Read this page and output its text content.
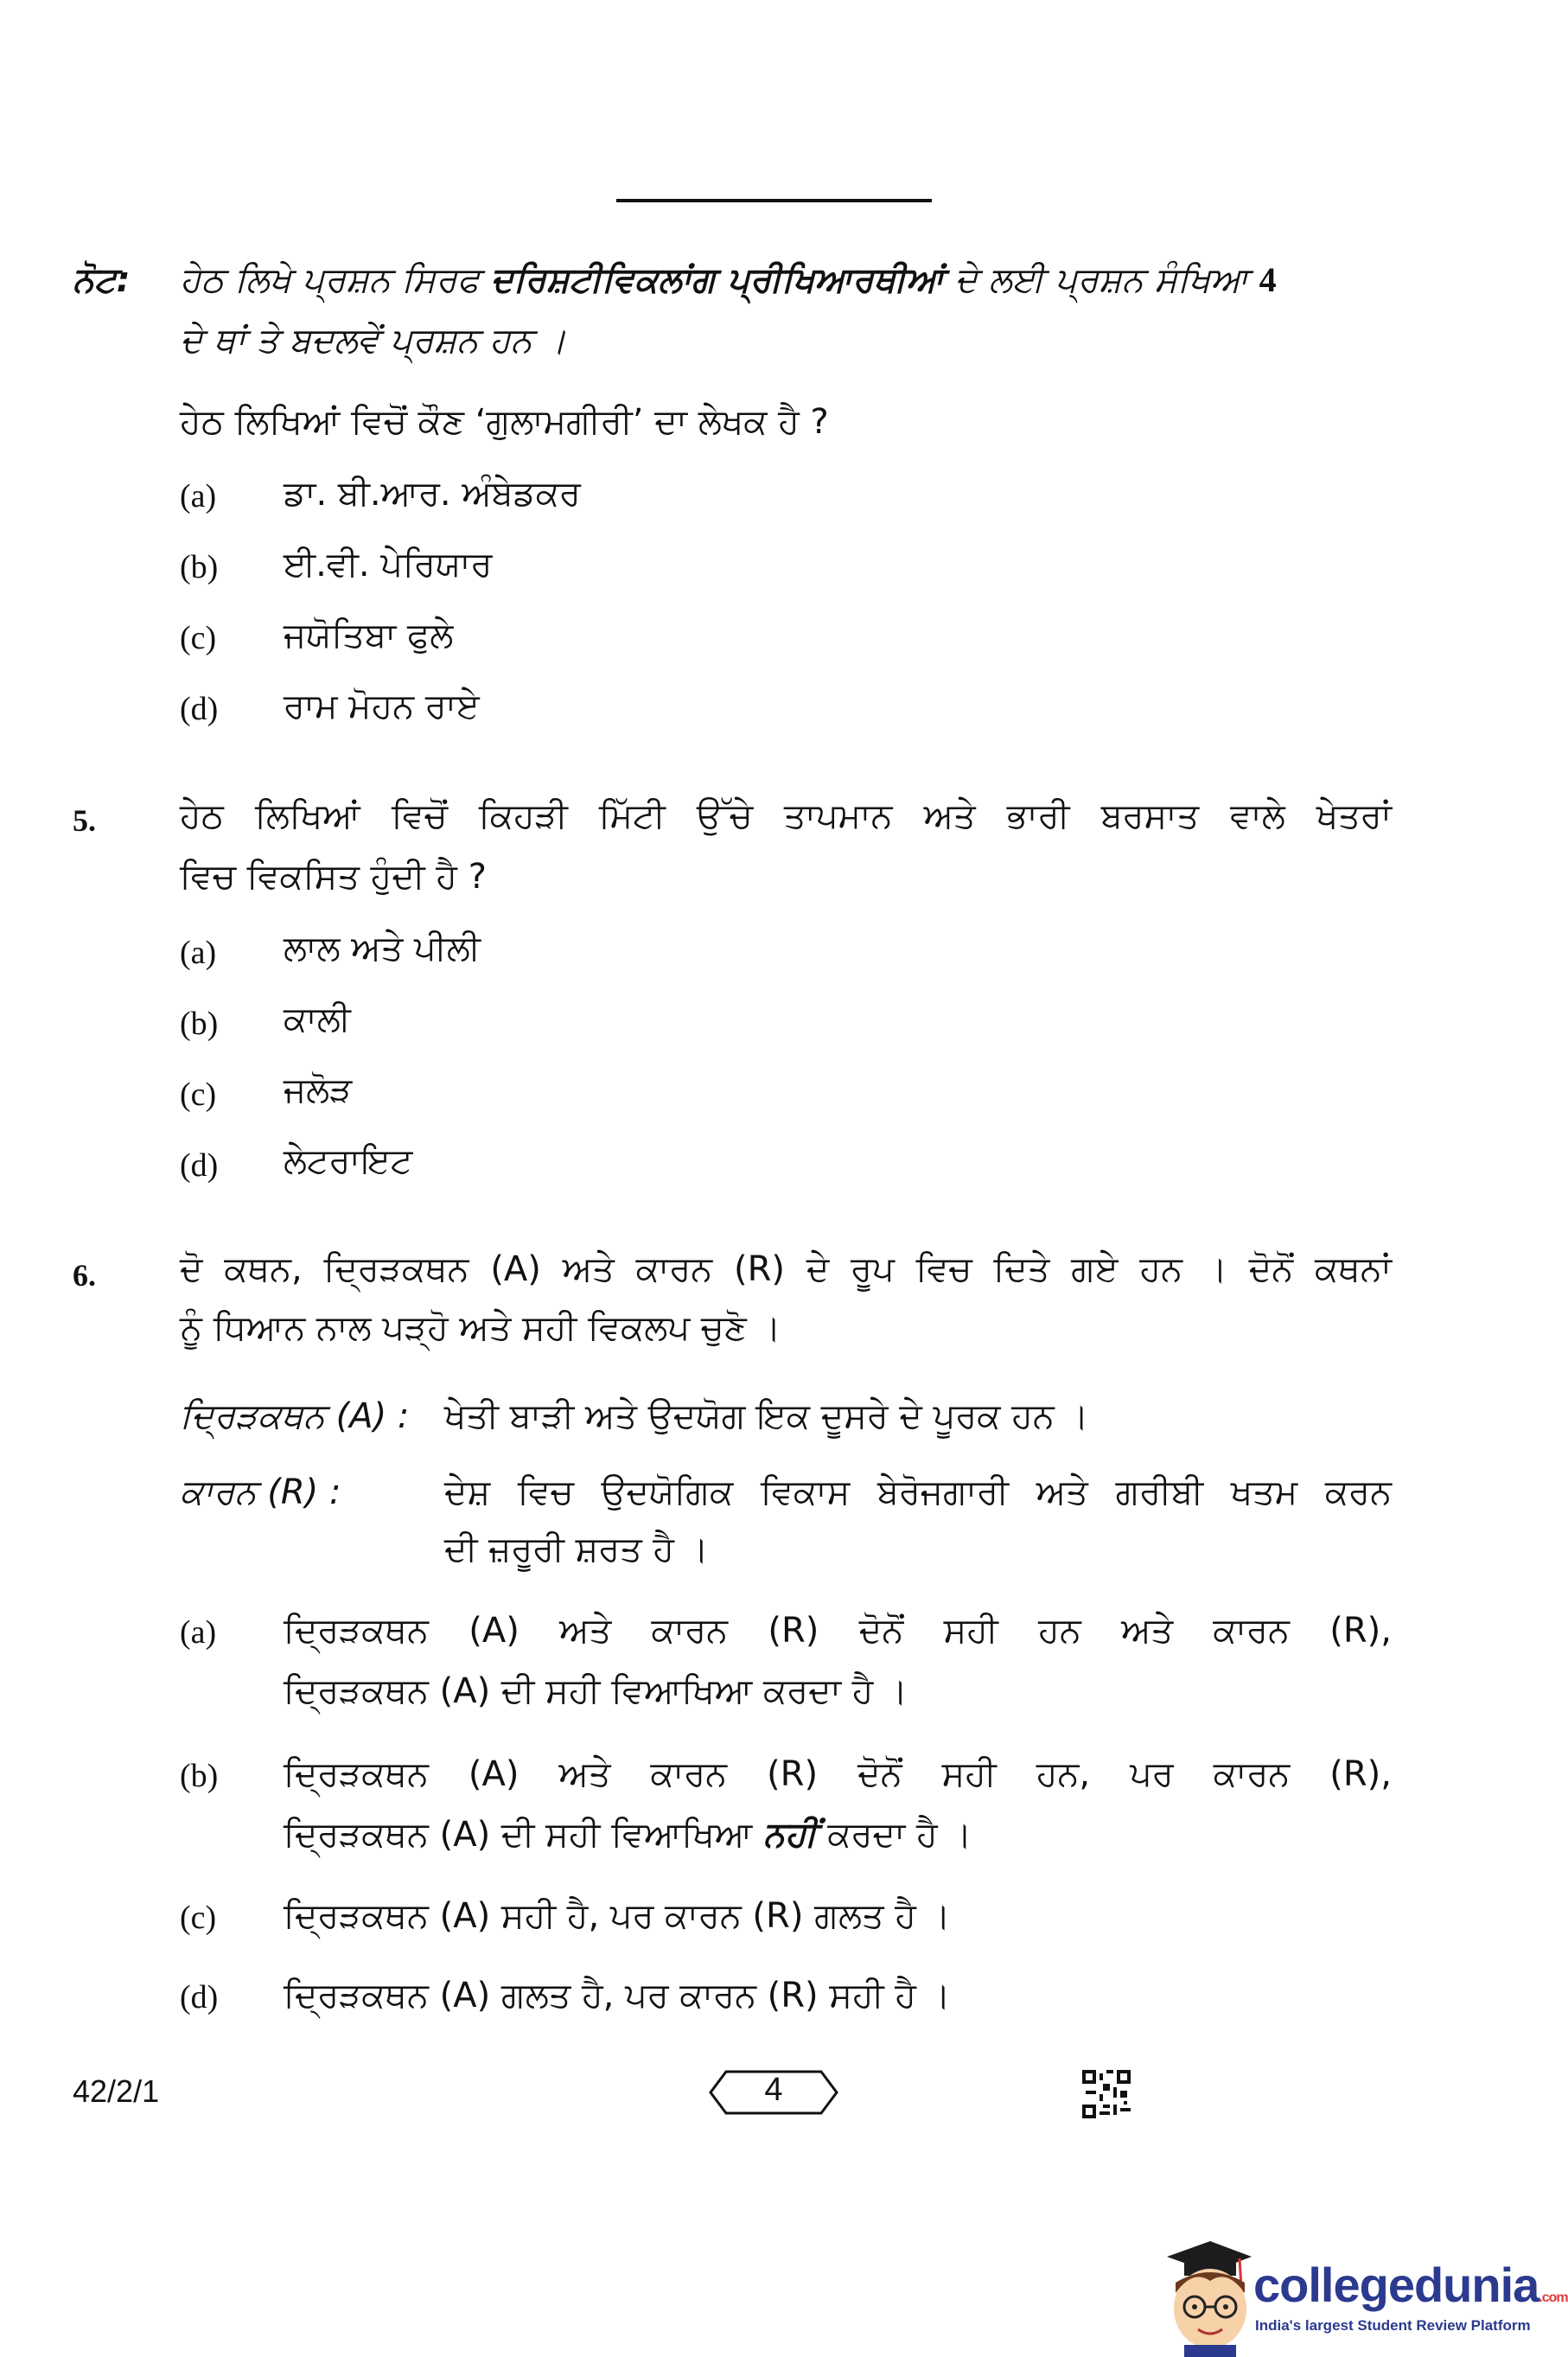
ਨੋਟ: ਹੇਠ ਲਿਖੇ ਪ੍ਰਸ਼ਨ ਸਿਰਫ ਦਰਿਸ਼ਟੀਵਿਕਲਾਂਗ ਪ੍ਰੀਖਿਆਰਥੀਆਂ ਦੇ ਲਈ ਪ੍ਰਸ਼ਨ ਸੰਖਿਆ 4
ਦੇ ਥਾਂ ਤੇ ਬਦਲਵੇਂ ਪ੍ਰਸ਼ਨ ਹਨ ।
ਹੇਠ ਲਿਖਿਆਂ ਵਿਚੋਂ ਕੌਣ ‘ਗੁਲਾਮਗੀਰੀ’ ਦਾ ਲੇਖਕ ਹੈ ?
(a) ਡਾ. ਬੀ.ਆਰ. ਅੰਬੇਡਕਰ
(b) ਈ.ਵੀ. ਪੇਰਿਯਾਰ
(c) ਜਯੋਤਿਬਾ ਫੁਲੇ
(d) ਰਾਮ ਮੋਹਨ ਰਾਏ
5. ਹੇਠ ਲਿਖਿਆਂ ਵਿਚੋਂ ਕਿਹੜੀ ਮਿੱਟੀ ਉੱਚੇ ਤਾਪਮਾਨ ਅਤੇ ਭਾਰੀ ਬਰਸਾਤ ਵਾਲੇ ਖੇਤਰਾਂ
ਵਿਚ ਵਿਕਸਿਤ ਹੁੰਦੀ ਹੈ ?
(a) ਲਾਲ ਅਤੇ ਪੀਲੀ
(b) ਕਾਲੀ
(c) ਜਲੋੜ
(d) ਲੇਟਰਾਇਟ
6. ਦੋ ਕਥਨ, ਦ੍ਰਿੜਕਥਨ (A) ਅਤੇ ਕਾਰਨ (R) ਦੇ ਰੂਪ ਵਿਚ ਦਿਤੇ ਗਏ ਹਨ । ਦੋਨੋਂ ਕਥਨਾਂ
ਨੂੰ ਧਿਆਨ ਨਾਲ ਪੜ੍ਹੋ ਅਤੇ ਸਹੀ ਵਿਕਲਪ ਚੁਣੋ ।
ਦ੍ਰਿੜਕਥਨ (A) : ਖੇਤੀ ਬਾੜੀ ਅਤੇ ਉਦਯੋਗ ਇਕ ਦੂਸਰੇ ਦੇ ਪੂਰਕ ਹਨ ।
ਕਾਰਨ (R) :	ਦੇਸ਼ ਵਿਚ ਉਦਯੋਗਿਕ ਵਿਕਾਸ ਬੇਰੋਜਗਾਰੀ ਅਤੇ ਗਰੀਬੀ ਖਤਮ ਕਰਨ
ਦੀ ਜ਼ਰੂਰੀ ਸ਼ਰਤ ਹੈ ।
(a) ਦ੍ਰਿੜਕਥਨ (A) ਅਤੇ ਕਾਰਨ (R) ਦੋਨੋਂ ਸਹੀ ਹਨ ਅਤੇ ਕਾਰਨ (R),
ਦ੍ਰਿੜਕਥਨ (A) ਦੀ ਸਹੀ ਵਿਆਖਿਆ ਕਰਦਾ ਹੈ ।
(b) ਦ੍ਰਿੜਕਥਨ (A) ਅਤੇ ਕਾਰਨ (R) ਦੋਨੋਂ ਸਹੀ ਹਨ, ਪਰ ਕਾਰਨ (R),
ਦ੍ਰਿੜਕਥਨ (A) ਦੀ ਸਹੀ ਵਿਆਖਿਆ ਨਹੀਂ ਕਰਦਾ ਹੈ ।
(c) ਦ੍ਰਿੜਕਥਨ (A) ਸਹੀ ਹੈ, ਪਰ ਕਾਰਨ (R) ਗਲਤ ਹੈ ।
(d) ਦ੍ਰਿੜਕਥਨ (A) ਗਲਤ ਹੈ, ਪਰ ਕਾਰਨ (R) ਸਹੀ ਹੈ ।
42/2/1	4
collegedunia.com
India's largest Student Review Platform
